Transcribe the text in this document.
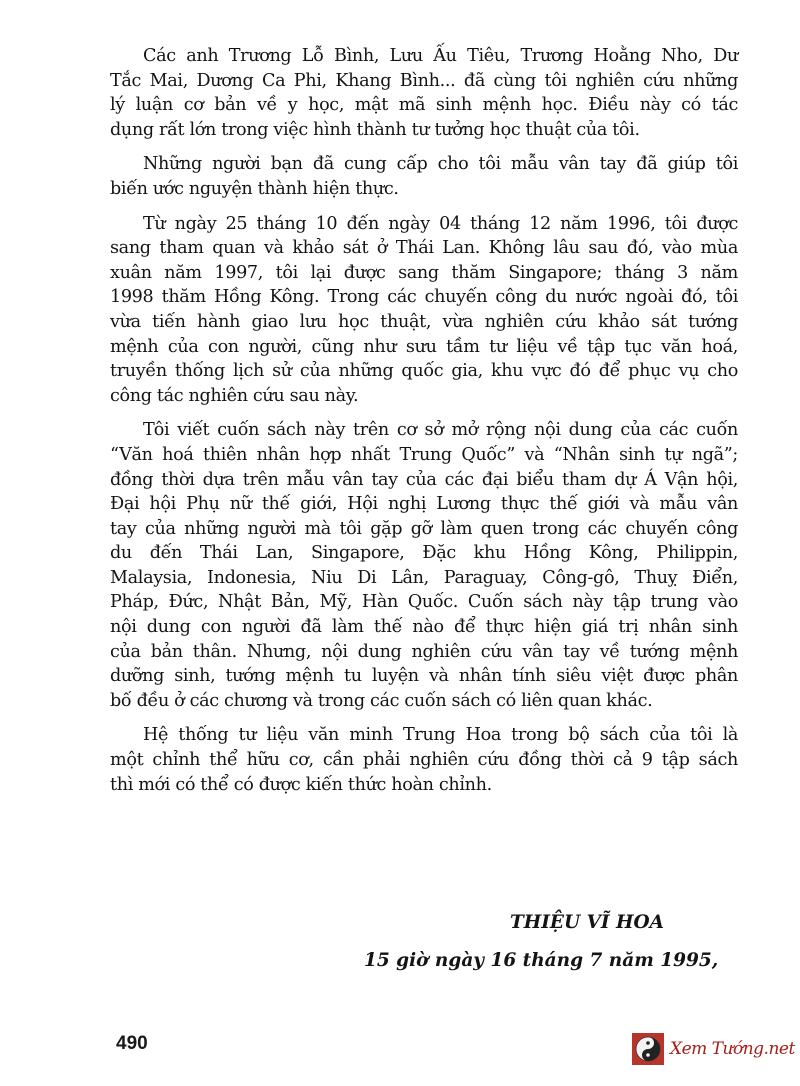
Các anh Trương Lỗ Bình, Lưu Ấu Tiêu, Trương Hoằng Nho, Dư
Tắc Mai, Dương Ca Phi, Khang Bình... đã cùng tôi nghiên cứu những
lý luận cơ bản về y học, mật mã sinh mệnh học. Điều này có tác
dụng rất lớn trong việc hình thành tư tưởng học thuật của tôi.
Những người bạn đã cung cấp cho tôi mẫu vân tay đã giúp tôi
biến ước nguyện thành hiện thực.
Từ ngày 25 tháng 10 đến ngày 04 tháng 12 năm 1996, tôi được
sang tham quan và khảo sát ở Thái Lan. Không lâu sau đó, vào mùa
xuân năm 1997, tôi lại được sang thăm Singapore; tháng 3 năm
1998 thăm Hồng Kông. Trong các chuyến công du nước ngoài đó, tôi
vừa tiến hành giao lưu học thuật, vừa nghiên cứu khảo sát tướng
mệnh của con người, cũng như sưu tầm tư liệu về tập tục văn hoá,
truyền thống lịch sử của những quốc gia, khu vực đó để phục vụ cho
công tác nghiên cứu sau này.
Tôi viết cuốn sách này trên cơ sở mở rộng nội dung của các cuốn
“Văn hoá thiên nhân hợp nhất Trung Quốc” và “Nhân sinh tự ngã”;
đồng thời dựa trên mẫu vân tay của các đại biểu tham dự Á Vận hội,
Đại hội Phụ nữ thế giới, Hội nghị Lương thực thế giới và mẫu vân
tay của những người mà tôi gặp gỡ làm quen trong các chuyến công
du đến Thái Lan, Singapore, Đặc khu Hồng Kông, Philippin,
Malaysia, Indonesia, Niu Di Lân, Paraguay, Công-gô, Thuỵ Điển,
Pháp, Đức, Nhật Bản, Mỹ, Hàn Quốc. Cuốn sách này tập trung vào
nội dung con người đã làm thế nào để thực hiện giá trị nhân sinh
của bản thân. Nhưng, nội dung nghiên cứu vân tay về tướng mệnh
dưỡng sinh, tướng mệnh tu luyện và nhân tính siêu việt được phân
bố đều ở các chương và trong các cuốn sách có liên quan khác.
Hệ thống tư liệu văn minh Trung Hoa trong bộ sách của tôi là
một chỉnh thể hữu cơ, cần phải nghiên cứu đồng thời cả 9 tập sách
thì mới có thể có được kiến thức hoàn chỉnh.
THIỆU VĨ HOA
15 giờ ngày 16 tháng 7 năm 1995,
490	Xem Tướng.net
